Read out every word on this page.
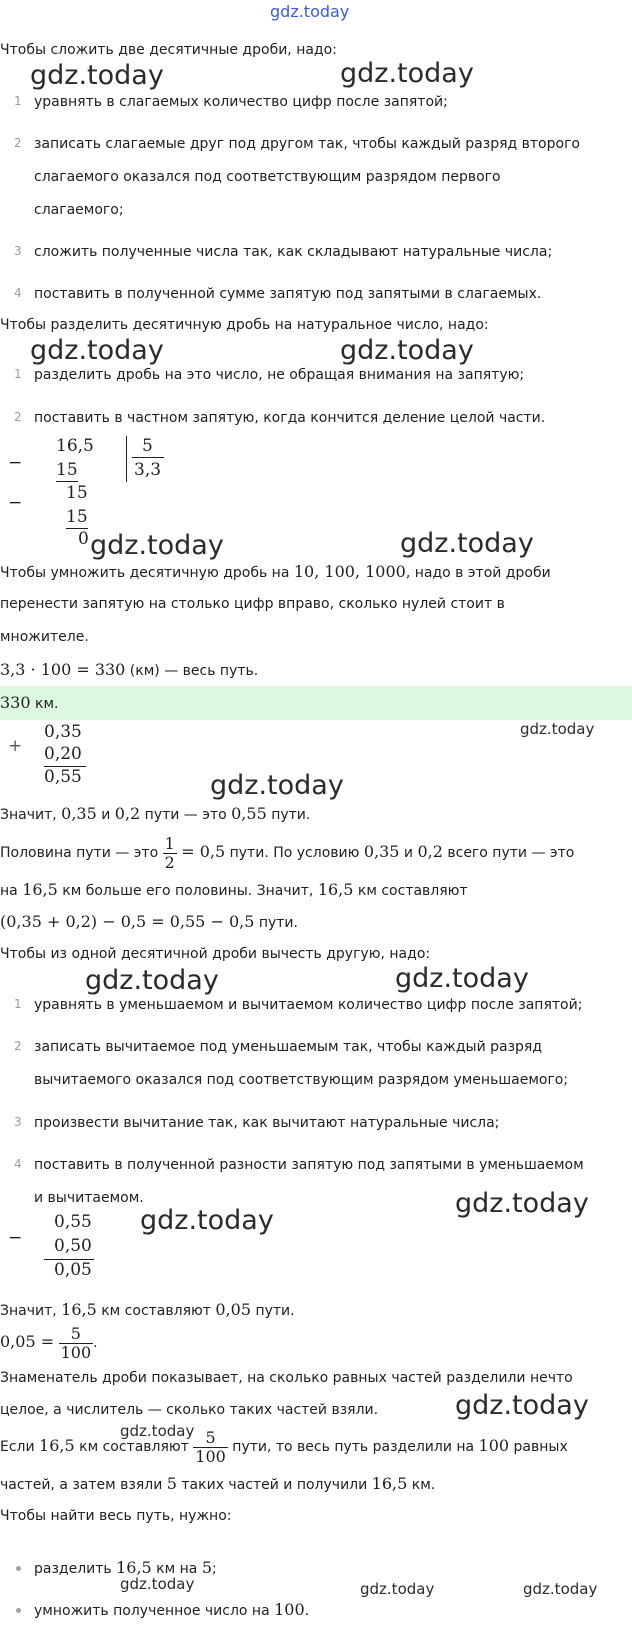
gdz.today
gdz.today	gdz.today
gdz.today	gdz.today
gdz.today	gdz.today
gdz.today
gdz.today
gdz.today	gdz.today
gdz.today
gdz.today
gdz.today
gdz.today
gdz.today	gdz.today	gdz.today
Чтобы сложить две десятичные дроби, надо:
1 уравнять в слагаемых количество цифр после запятой;
2 записать слагаемые друг под другом так, чтобы каждый разряд второго
слагаемого оказался под соответствующим разрядом первого
слагаемого;
3 сложить полученные числа так, как складывают натуральные числа;
4 поставить в полученной сумме запятую под запятыми в слагаемых.
Чтобы разделить десятичную дробь на натуральное число, надо:
1 разделить дробь на это число, не обращая внимания на запятую;
2 поставить в частном запятую, когда кончится деление целой части.
−
16,5
15
5
3,3
−	15
15
0
Чтобы умножить десятичную дробь на 10, 100, 1000, надо в этой дроби
перенести запятую на столько цифр вправо, сколько нулей стоит в
множителе.
3,3 · 100 = 330 (км) — весь путь.
330 км.
+
0,35
0,20
0,55
Значит, 0,35 и 0,2 пути — это 0,55 пути.
Половина пути — это $\frac{1}{2} = 0,5$ пути. По условию 0,35 и 0,2 всего пути — это
на 16,5 км больше его половины. Значит, 16,5 км составляют
(0,35 + 0,2) − 0,5 = 0,55 − 0,5 пути.
Чтобы из одной десятичной дроби вычесть другую, надо:
1 уравнять в уменьшаемом и вычитаемом количество цифр после запятой;
2 записать вычитаемое под уменьшаемым так, чтобы каждый разряд
вычитаемого оказался под соответствующим разрядом уменьшаемого;
3 произвести вычитание так, как вычитают натуральные числа;
4 поставить в полученной разности запятую под запятыми в уменьшаемом
и вычитаемом.
−
0,55
0,50
0,05
Значит, 16,5 км составляют 0,05 пути.
$0,05 = \frac{5}{100}$ .
Знаменатель дроби показывает, на сколько равных частей разделили нечто
целое, а числитель — сколько таких частей взяли.
Если 16,5 км составляют $\frac{5}{100}$ пути, то весь путь разделили на 100 равных
частей, а затем взяли 5 таких частей и получили 16,5 км.
Чтобы найти весь путь, нужно:
разделить 16,5 км на 5;
умножить полученное число на 100.
